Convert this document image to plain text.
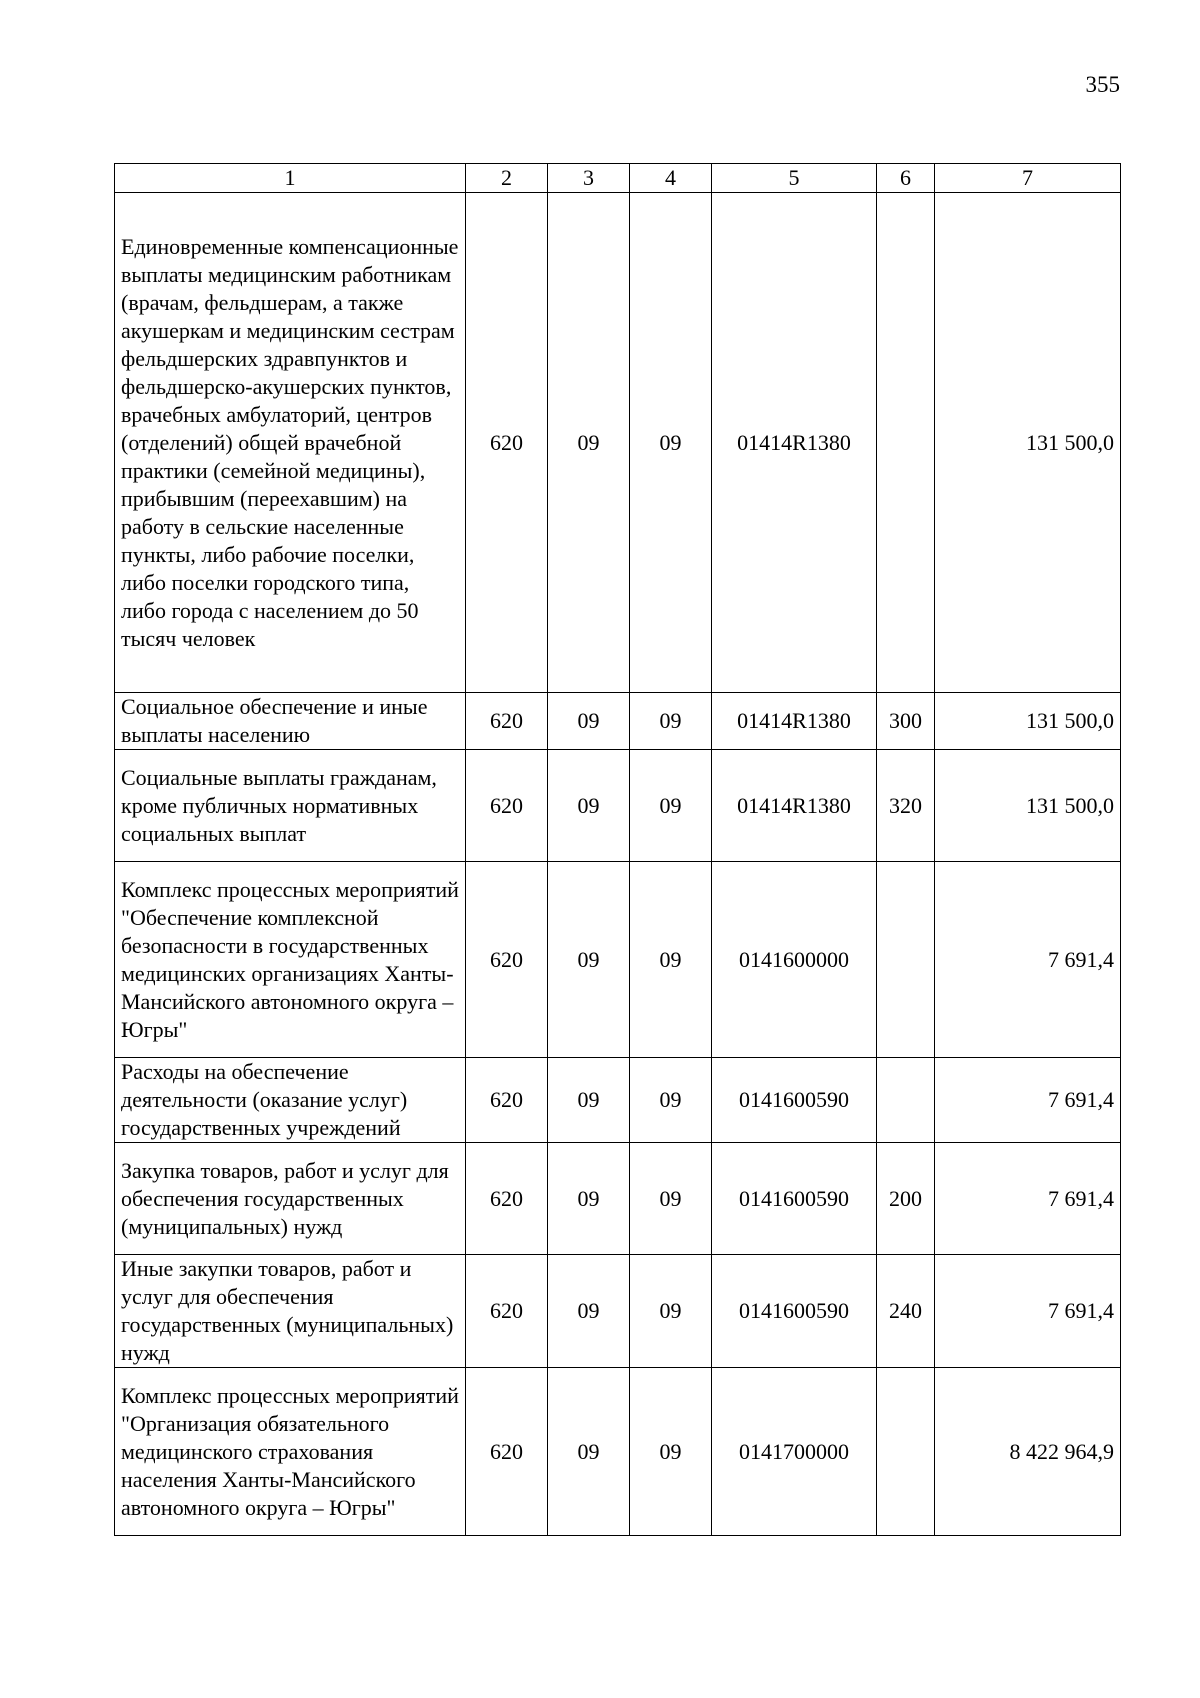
355
1	2	3	4	5	6	7
Единовременные компенсационные выплаты медицинским работникам (врачам, фельдшерам, а также акушеркам и медицинским сестрам фельдшерских здравпунктов и фельдшерско-акушерских пунктов, врачебных амбулаторий, центров (отделений) общей врачебной практики (семейной медицины), прибывшим (переехавшим) на работу в сельские населенные пункты, либо рабочие поселки, либо поселки городского типа, либо города с населением до 50 тысяч человек	620	09	09	01414R1380		131 500,0
Социальное обеспечение и иные выплаты населению	620	09	09	01414R1380	300	131 500,0
Социальные выплаты гражданам, кроме публичных нормативных социальных выплат	620	09	09	01414R1380	320	131 500,0
Комплекс процессных мероприятий "Обеспечение комплексной безопасности в государственных медицинских организациях Ханты-Мансийского автономного округа – Югры"	620	09	09	0141600000		7 691,4
Расходы на обеспечение деятельности (оказание услуг) государственных учреждений	620	09	09	0141600590		7 691,4
Закупка товаров, работ и услуг для обеспечения государственных (муниципальных) нужд	620	09	09	0141600590	200	7 691,4
Иные закупки товаров, работ и услуг для обеспечения государственных (муниципальных) нужд	620	09	09	0141600590	240	7 691,4
Комплекс процессных мероприятий "Организация обязательного медицинского страхования населения Ханты-Мансийского автономного округа – Югры"	620	09	09	0141700000		8 422 964,9
